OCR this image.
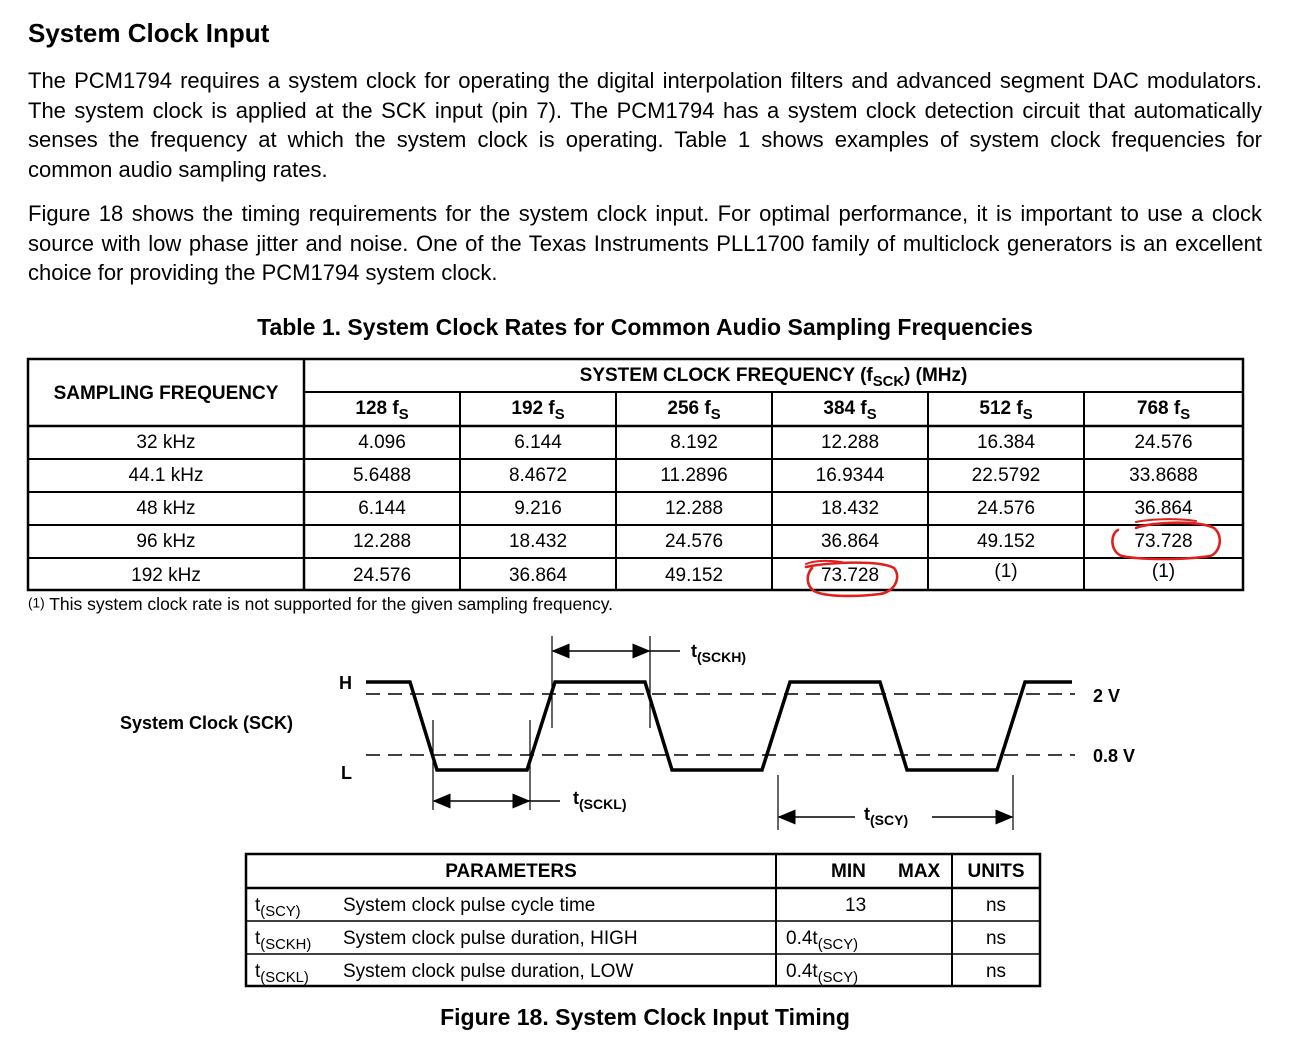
System Clock Input
The PCM1794 requires a system clock for operating the digital interpolation filters and advanced segment DAC modulators. The system clock is applied at the SCK input (pin 7). The PCM1794 has a system clock detection circuit that automatically senses the frequency at which the system clock is operating. Table 1 shows examples of system clock frequencies for common audio sampling rates.
Figure 18 shows the timing requirements for the system clock input. For optimal performance, it is important to use a clock source with low phase jitter and noise. One of the Texas Instruments PLL1700 family of multiclock generators is an excellent choice for providing the PCM1794 system clock.
Table 1. System Clock Rates for Common Audio Sampling Frequencies
SAMPLING FREQUENCY
SYSTEM CLOCK FREQUENCY $(f_{SCK})$ (MHz)
128 $f_S$	192 $f_S$	256 $f_S$	384 $f_S$	512 $f_S$	768 $f_S$
32 kHz	4.096	6.144	8.192	12.288	16.384	24.576
44.1 kHz	5.6488	8.4672	11.2896	16.9344	22.5792	33.8688
48 kHz	6.144	9.216	12.288	18.432	24.576	36.864
96 kHz	12.288	18.432	24.576	36.864	49.152	73.728
192 kHz	24.576	36.864	49.152	73.728	(1)	(1)
(1) This system clock rate is not supported for the given sampling frequency.
System Clock (SCK)
H
L
2 V
0.8 V
$t_{(SCKH)}$
$t_{(SCKL)}$
$t_{(SCY)}$
PARAMETERS	MIN MAX	UNITS
$t_{(SCY)}$ System clock pulse cycle time	13	ns
$t_{(SCKH)}$ System clock pulse duration, HIGH	$0.4t_{(SCY)}$	ns
$t_{(SCKL)}$ System clock pulse duration, LOW	$0.4t_{(SCY)}$	ns
Figure 18. System Clock Input Timing
